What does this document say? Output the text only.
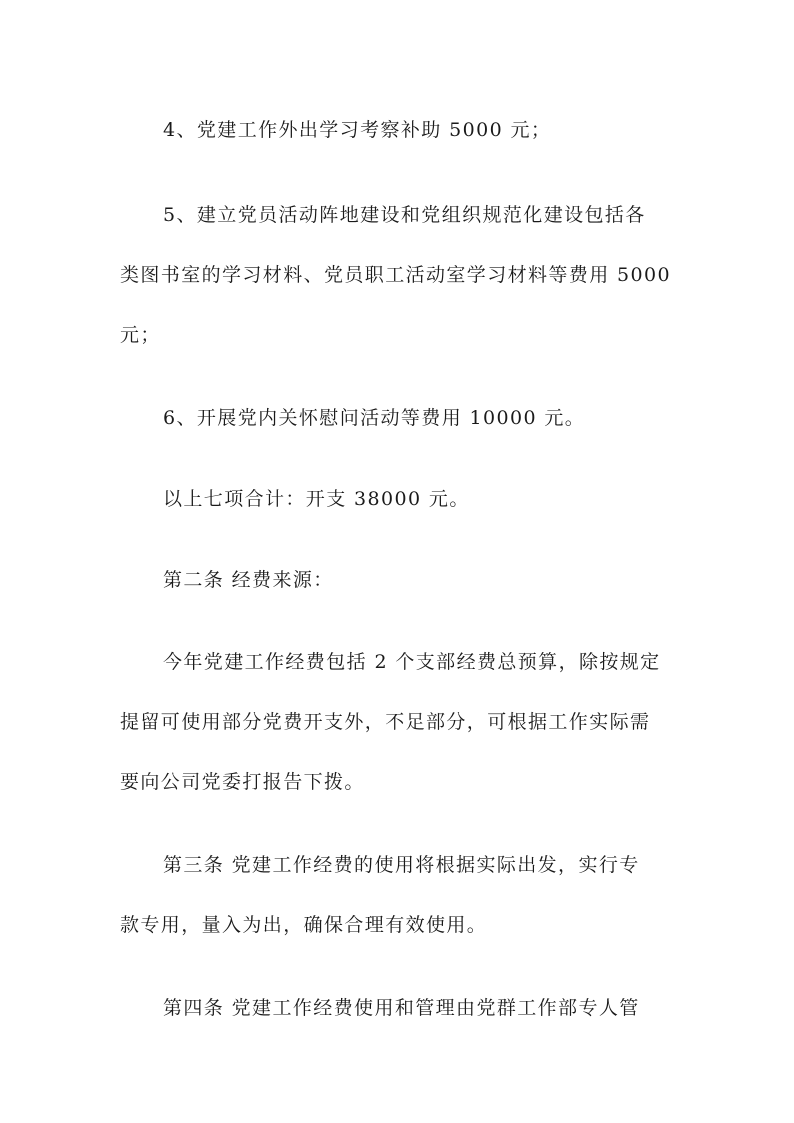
4、党建工作外出学习考察补助 5000 元；
5、建立党员活动阵地建设和党组织规范化建设包括各
类图书室的学习材料、党员职工活动室学习材料等费用 5000
元；
6、开展党内关怀慰问活动等费用 10000 元。
以上七项合计：开支 38000 元。
第二条 经费来源：
今年党建工作经费包括 2 个支部经费总预算，除按规定
提留可使用部分党费开支外，不足部分，可根据工作实际需
要向公司党委打报告下拨。
第三条 党建工作经费的使用将根据实际出发，实行专
款专用，量入为出，确保合理有效使用。
第四条 党建工作经费使用和管理由党群工作部专人管
